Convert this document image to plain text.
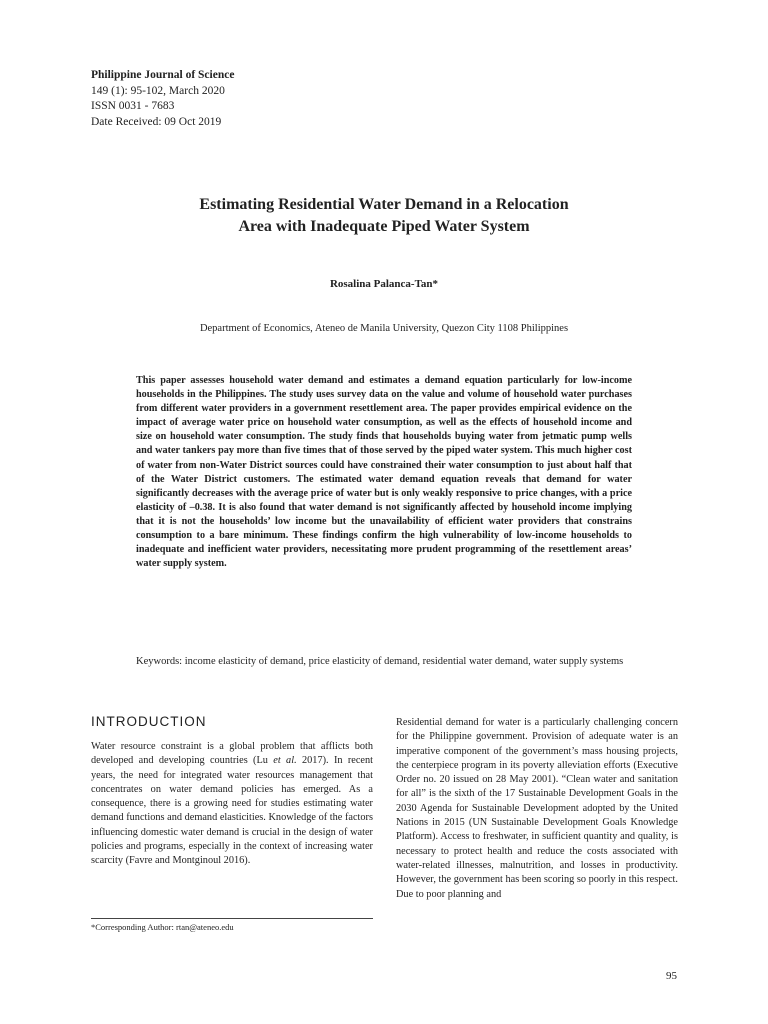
Philippine Journal of Science
149 (1): 95-102, March 2020
ISSN 0031 - 7683
Date Received: 09 Oct 2019
Estimating Residential Water Demand in a Relocation
Area with Inadequate Piped Water System
Rosalina Palanca-Tan*
Department of Economics, Ateneo de Manila University, Quezon City 1108 Philippines

This paper assesses household water demand and estimates a demand equation particularly for low-income households in the Philippines. The study uses survey data on the value and volume of household water purchases from different water providers in a government resettlement area. The paper provides empirical evidence on the impact of average water price on household water consumption, as well as the effects of household income and size on household water consumption. The study finds that households buying water from jetmatic pump wells and water tankers pay more than five times that of those served by the piped water system. This much higher cost of water from non-Water District sources could have constrained their water consumption to just about half that of the Water District customers. The estimated water demand equation reveals that demand for water significantly decreases with the average price of water but is only weakly responsive to price changes, with a price elasticity of –0.38. It is also found that water demand is not significantly affected by household income implying that it is not the households’ low income but the unavailability of efficient water providers that constrains consumption to a bare minimum. These findings confirm the high vulnerability of low-income households to inadequate and inefficient water providers, necessitating more prudent programming of the resettlement areas’ water supply system.

Keywords: income elasticity of demand, price elasticity of demand, residential water demand, water supply systems

INTRODUCTION

Water resource constraint is a global problem that afflicts both developed and developing countries (Lu et al. 2017). In recent years, the need for integrated water resources management that concentrates on water demand policies has emerged. As a consequence, there is a growing need for studies estimating water demand functions and demand elasticities. Knowledge of the factors influencing domestic water demand is crucial in the design of water policies and programs, especially in the context of increasing water scarcity (Favre and Montginoul 2016).

Residential demand for water is a particularly challenging concern for the Philippine government. Provision of adequate water is an imperative component of the government’s mass housing projects, the centerpiece program in its poverty alleviation efforts (Executive Order no. 20 issued on 28 May 2001). “Clean water and sanitation for all” is the sixth of the 17 Sustainable Development Goals in the 2030 Agenda for Sustainable Development adopted by the United Nations in 2015 (UN Sustainable Development Goals Knowledge Platform). Access to freshwater, in sufficient quantity and quality, is necessary to protect health and reduce the costs associated with water-related illnesses, malnutrition, and losses in productivity. However, the government has been scoring so poorly in this respect. Due to poor planning and

*Corresponding Author: rtan@ateneo.edu
95
